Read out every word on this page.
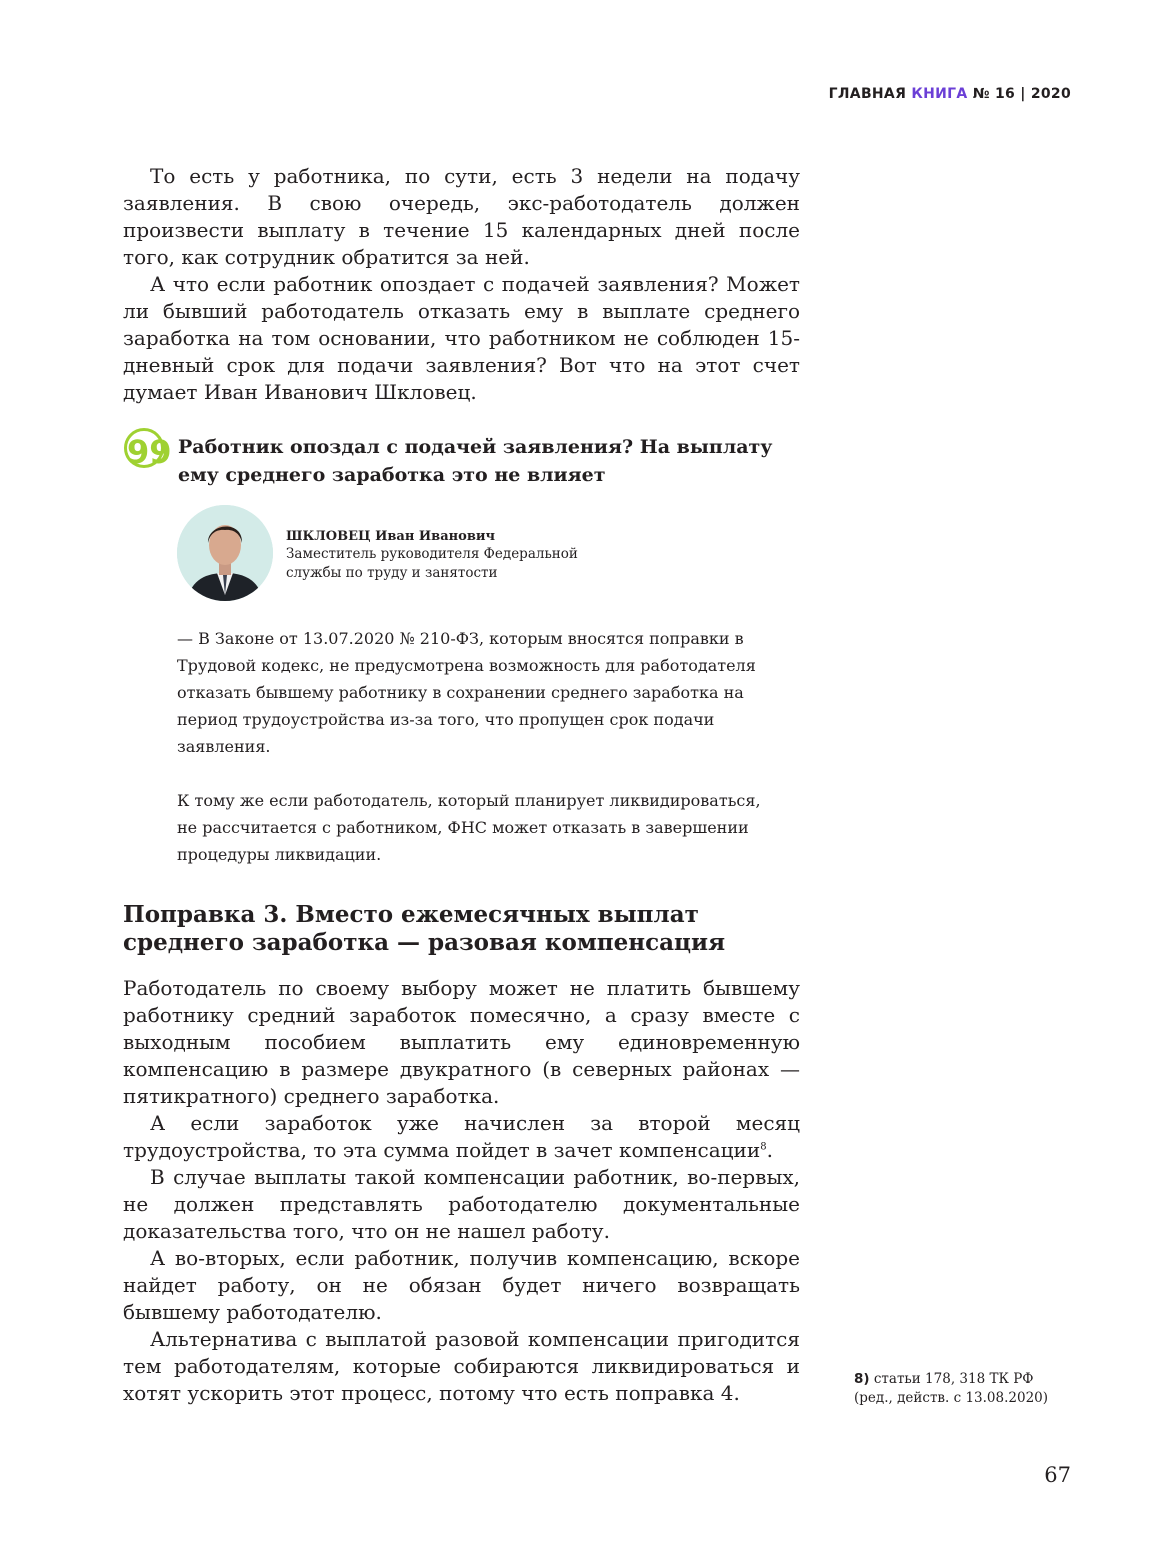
ГЛАВНАЯ КНИГА № 16 | 2020

То есть у работника, по сути, есть 3 недели на подачу заявления. В свою очередь, экс-работодатель должен произвести выплату в течение 15 календарных дней после того, как сотрудник обратится за ней.

А что если работник опоздает с подачей заявления? Может ли бывший работодатель отказать ему в выплате среднего заработка на том основании, что работником не соблюден 15-дневный срок для подачи заявления? Вот что на этот счет думает Иван Иванович Шкловец.

99 Работник опоздал с подачей заявления? На выплату ему среднего заработка это не влияет
ШКЛОВЕЦ Иван Иванович
Заместитель руководителя Федеральной службы по труду и занятости

— В Законе от 13.07.2020 № 210-ФЗ, которым вносятся поправки в Трудовой кодекс, не предусмотрена возможность для работодателя отказать бывшему работнику в сохранении среднего заработка на период трудоустройства из-за того, что пропущен срок подачи заявления.

К тому же если работодатель, который планирует ликвидироваться, не рассчитается с работником, ФНС может отказать в завершении процедуры ликвидации.

Поправка 3. Вместо ежемесячных выплат среднего заработка — разовая компенсация

Работодатель по своему выбору может не платить бывшему работнику средний заработок помесячно, а сразу вместе с выходным пособием выплатить ему единовременную компенсацию в размере двукратного (в северных районах — пятикратного) среднего заработка.

А если заработок уже начислен за второй месяц трудоустройства, то эта сумма пойдет в зачет компенсации$^8$.

В случае выплаты такой компенсации работник, во-первых, не должен представлять работодателю документальные доказательства того, что он не нашел работу.

А во-вторых, если работник, получив компенсацию, вскоре найдет работу, он не обязан будет ничего возвращать бывшему работодателю.

Альтернатива с выплатой разовой компенсации пригодится тем работодателям, которые собираются ликвидироваться и хотят ускорить этот процесс, потому что есть поправка 4.

8) статьи 178, 318 ТК РФ (ред., действ. с 13.08.2020)
67
